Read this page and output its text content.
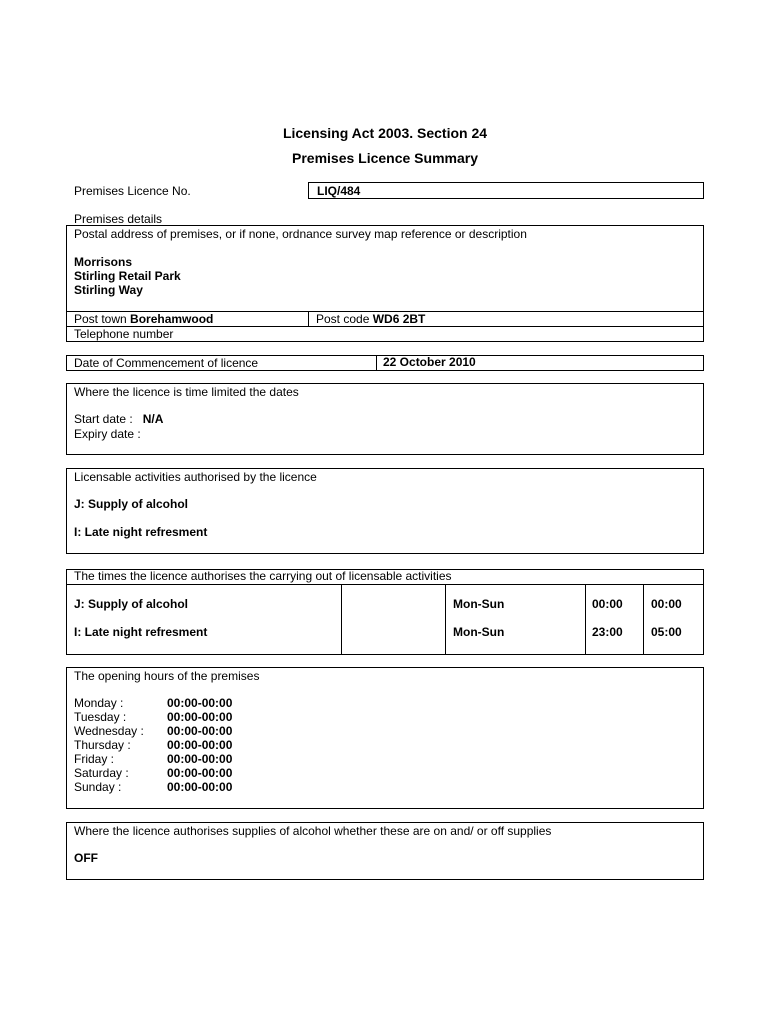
Licensing Act 2003. Section 24
Premises Licence Summary
Premises Licence No.	LIQ/484
Premises details
Postal address of premises, or if none, ordnance survey map reference or description
Morrisons
Stirling Retail Park
Stirling Way
Post town Borehamwood	Post code WD6 2BT
Telephone number
Date of Commencement of licence	22 October 2010
Where the licence is time limited the dates
Start date : N/A
Expiry date :
Licensable activities authorised by the licence
J: Supply of alcohol
I: Late night refresment
The times the licence authorises the carrying out of licensable activities
J: Supply of alcohol	Mon-Sun	00:00 00:00
I: Late night refresment	Mon-Sun	23:00 05:00
The opening hours of the premises
Monday :	00:00-00:00
Tuesday :	00:00-00:00
Wednesday : 00:00-00:00
Thursday :	00:00-00:00
Friday :	00:00-00:00
Saturday :	00:00-00:00
Sunday :	00:00-00:00
Where the licence authorises supplies of alcohol whether these are on and/ or off supplies
OFF
